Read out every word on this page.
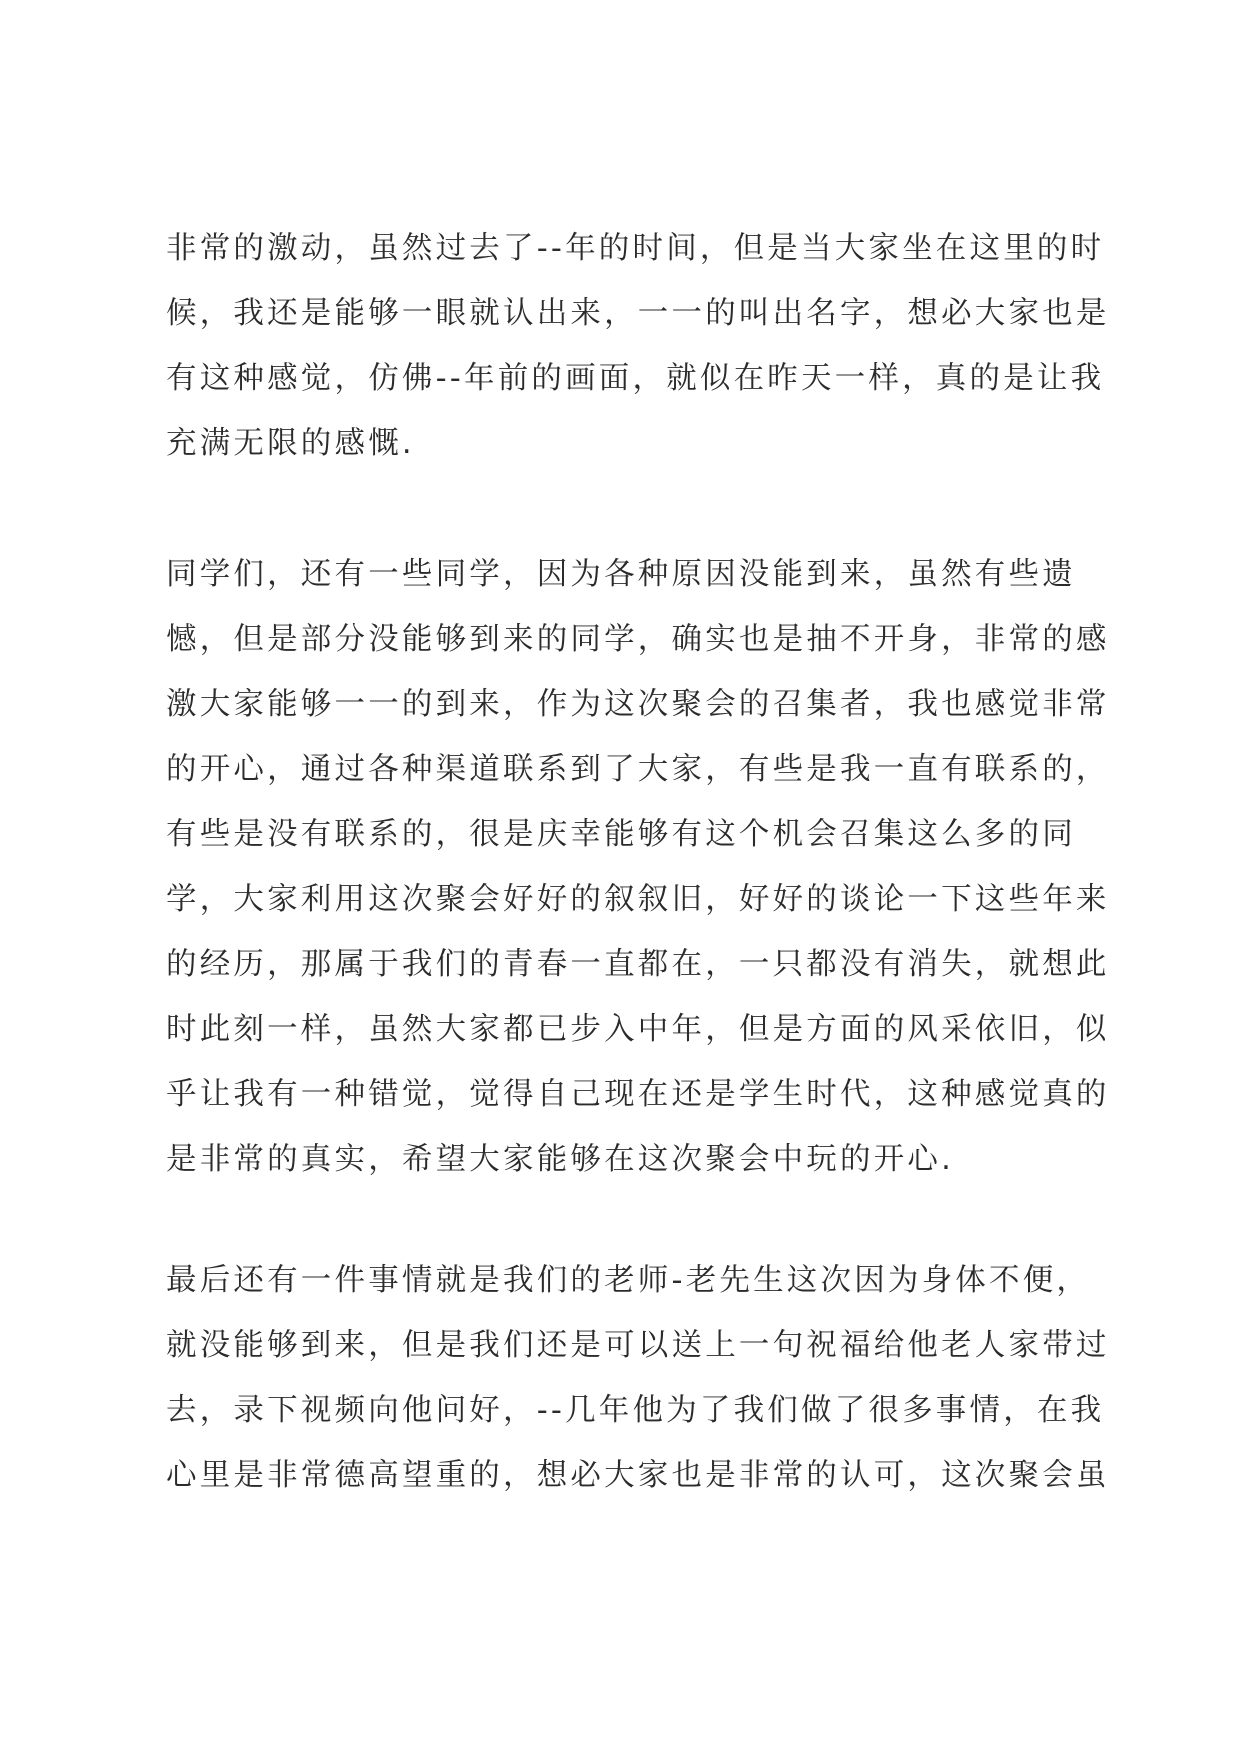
非常的激动，虽然过去了--年的时间，但是当大家坐在这里的时
候，我还是能够一眼就认出来，一一的叫出名字，想必大家也是
有这种感觉，仿佛--年前的画面，就似在昨天一样，真的是让我
充满无限的感慨.
同学们，还有一些同学，因为各种原因没能到来，虽然有些遗
憾，但是部分没能够到来的同学，确实也是抽不开身，非常的感
激大家能够一一的到来，作为这次聚会的召集者，我也感觉非常
的开心，通过各种渠道联系到了大家，有些是我一直有联系的，
有些是没有联系的，很是庆幸能够有这个机会召集这么多的同
学，大家利用这次聚会好好的叙叙旧，好好的谈论一下这些年来
的经历，那属于我们的青春一直都在，一只都没有消失，就想此
时此刻一样，虽然大家都已步入中年，但是方面的风采依旧，似
乎让我有一种错觉，觉得自己现在还是学生时代，这种感觉真的
是非常的真实，希望大家能够在这次聚会中玩的开心.
最后还有一件事情就是我们的老师-老先生这次因为身体不便，
就没能够到来，但是我们还是可以送上一句祝福给他老人家带过
去，录下视频向他问好，--几年他为了我们做了很多事情，在我
心里是非常德高望重的，想必大家也是非常的认可，这次聚会虽
